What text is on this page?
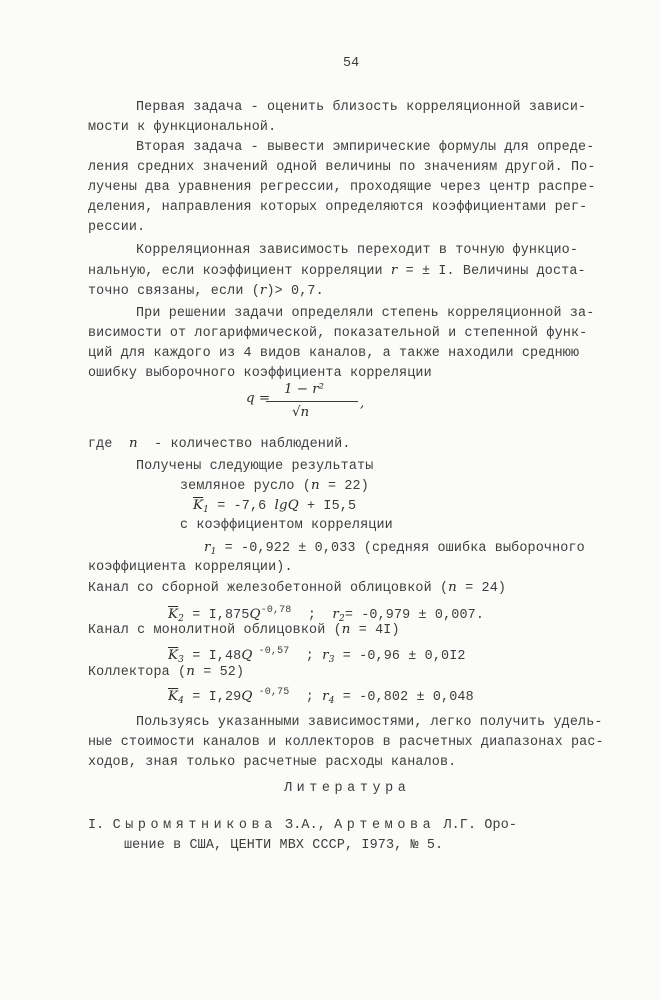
54
Первая задача - оценить близость корреляционной зависи-
мости к функциональной.
Вторая задача - вывести эмпирические формулы для опреде-
ления средних значений одной величины по значениям другой. По-
лучены два уравнения регрессии, проходящие через центр распре-
деления, направления которых определяются коэффициентами рег-
рессии.
Корреляционная зависимость переходит в точную функцио-
нальную, если коэффициент корреляции r = ± I. Величины доста-
точно связаны, если (r)> 0,7.
При решении задачи определяли степень корреляционной за-
висимости от логарифмической, показательной и степенной функ-
ций для каждого из 4 видов каналов, а также находили среднюю
ошибку выборочного коэффициента корреляции
q =
1 − r²
√n
,
где  n  - количество наблюдений.
Получены следующие результаты
земляное русло (n = 22)
$\overline{K}_1 = -7,6$ lgQ + I5,5
с коэффициентом корреляции
$r_1 = -0,922 \pm 0,033$ (средняя ошибка выборочного
коэффициента корреляции).
Канал со сборной железобетонной облицовкой (n = 24)
$\overline{K}_2 = I,875Q^{-0,78}$  ;  $r_2= -0,979 \pm 0,007$.
Канал с монолитной облицовкой (n = 4I)
$\overline{K}_3 = I,48Q$ $^{-0,57}$  ; $r_3 = -0,96 \pm 0,0I2$
Коллектора (n = 52)
$\overline{K}_4 = I,29Q$ $^{-0,75}$  ; $r_4 = -0,802 \pm 0,048$
Пользуясь указанными зависимостями, легко получить удель-
ные стоимости каналов и коллекторов в расчетных диапазонах рас-
ходов, зная только расчетные расходы каналов.
Литература
I. Сыромятникова З.А., Артемова Л.Г. Оро-
шение в США, ЦЕНТИ МВХ СССР, I973, № 5.
